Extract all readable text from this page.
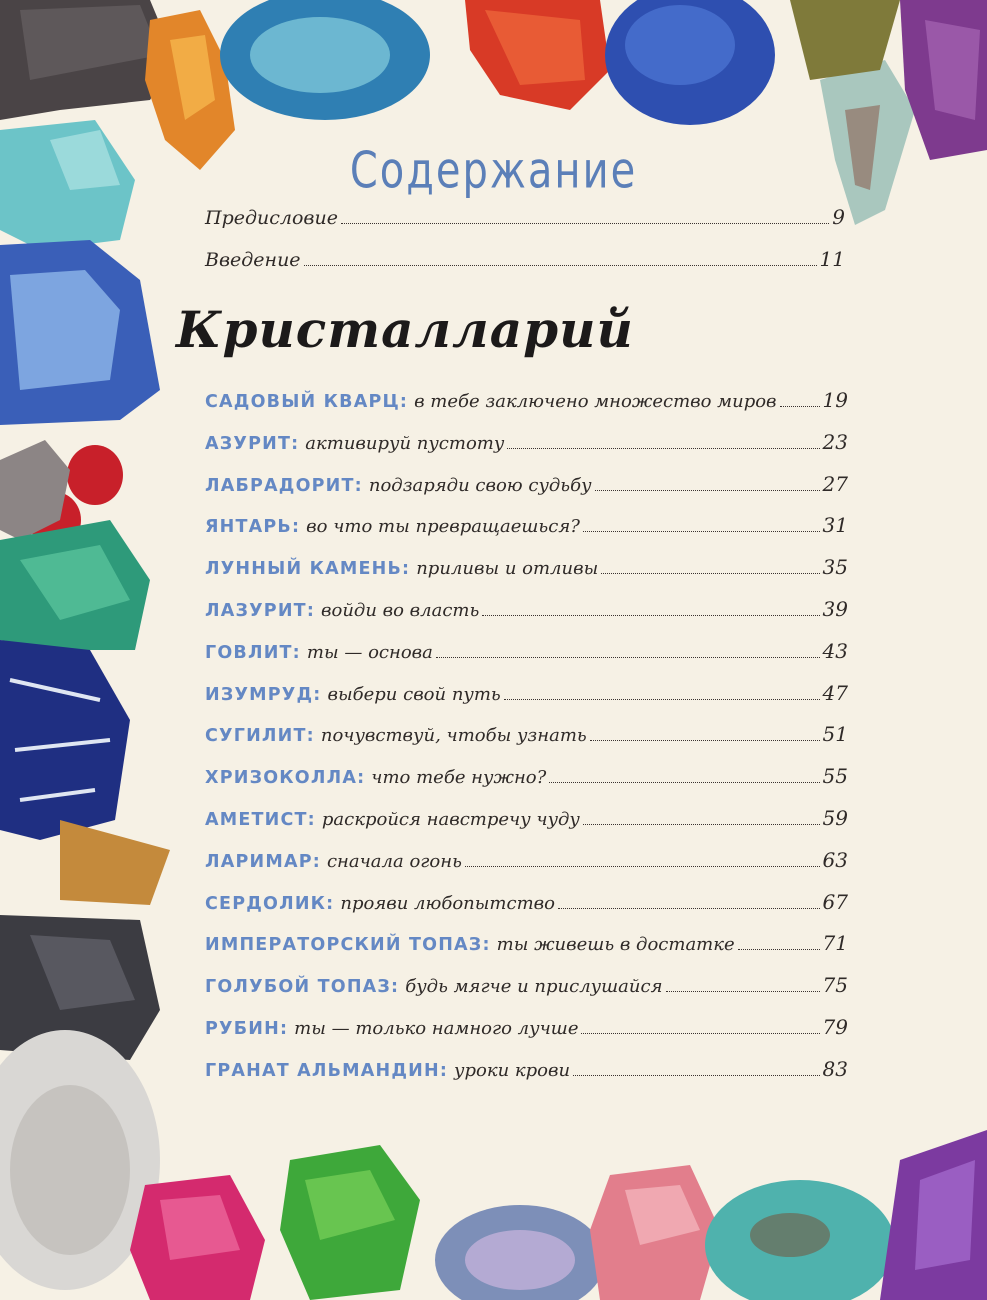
Содержание
Предисловие	9
Введение	11
Кристалларий
САДОВЫЙ КВАРЦ: в тебе заключено множество миров 19
АЗУРИТ: активируй пустоту	23
ЛАБРАДОРИТ: подзаряди свою судьбу	27
ЯНТАРЬ: во что ты превращаешься?	31
ЛУННЫЙ КАМЕНЬ: приливы и отливы	35
ЛАЗУРИТ: войди во власть	39
ГОВЛИТ: ты — основа	43
ИЗУМРУД: выбери свой путь	47
СУГИЛИТ: почувствуй, чтобы узнать	51
ХРИЗОКОЛЛА: что тебе нужно?	55
АМЕТИСТ: раскройся навстречу чуду	59
ЛАРИМАР: сначала огонь	63
СЕРДОЛИК: прояви любопытство	67
ИМПЕРАТОРСКИЙ ТОПАЗ: ты живешь в достатке	71
ГОЛУБОЙ ТОПАЗ: будь мягче и прислушайся	75
РУБИН: ты — только намного лучше	79
ГРАНАТ АЛЬМАНДИН: уроки крови	83
